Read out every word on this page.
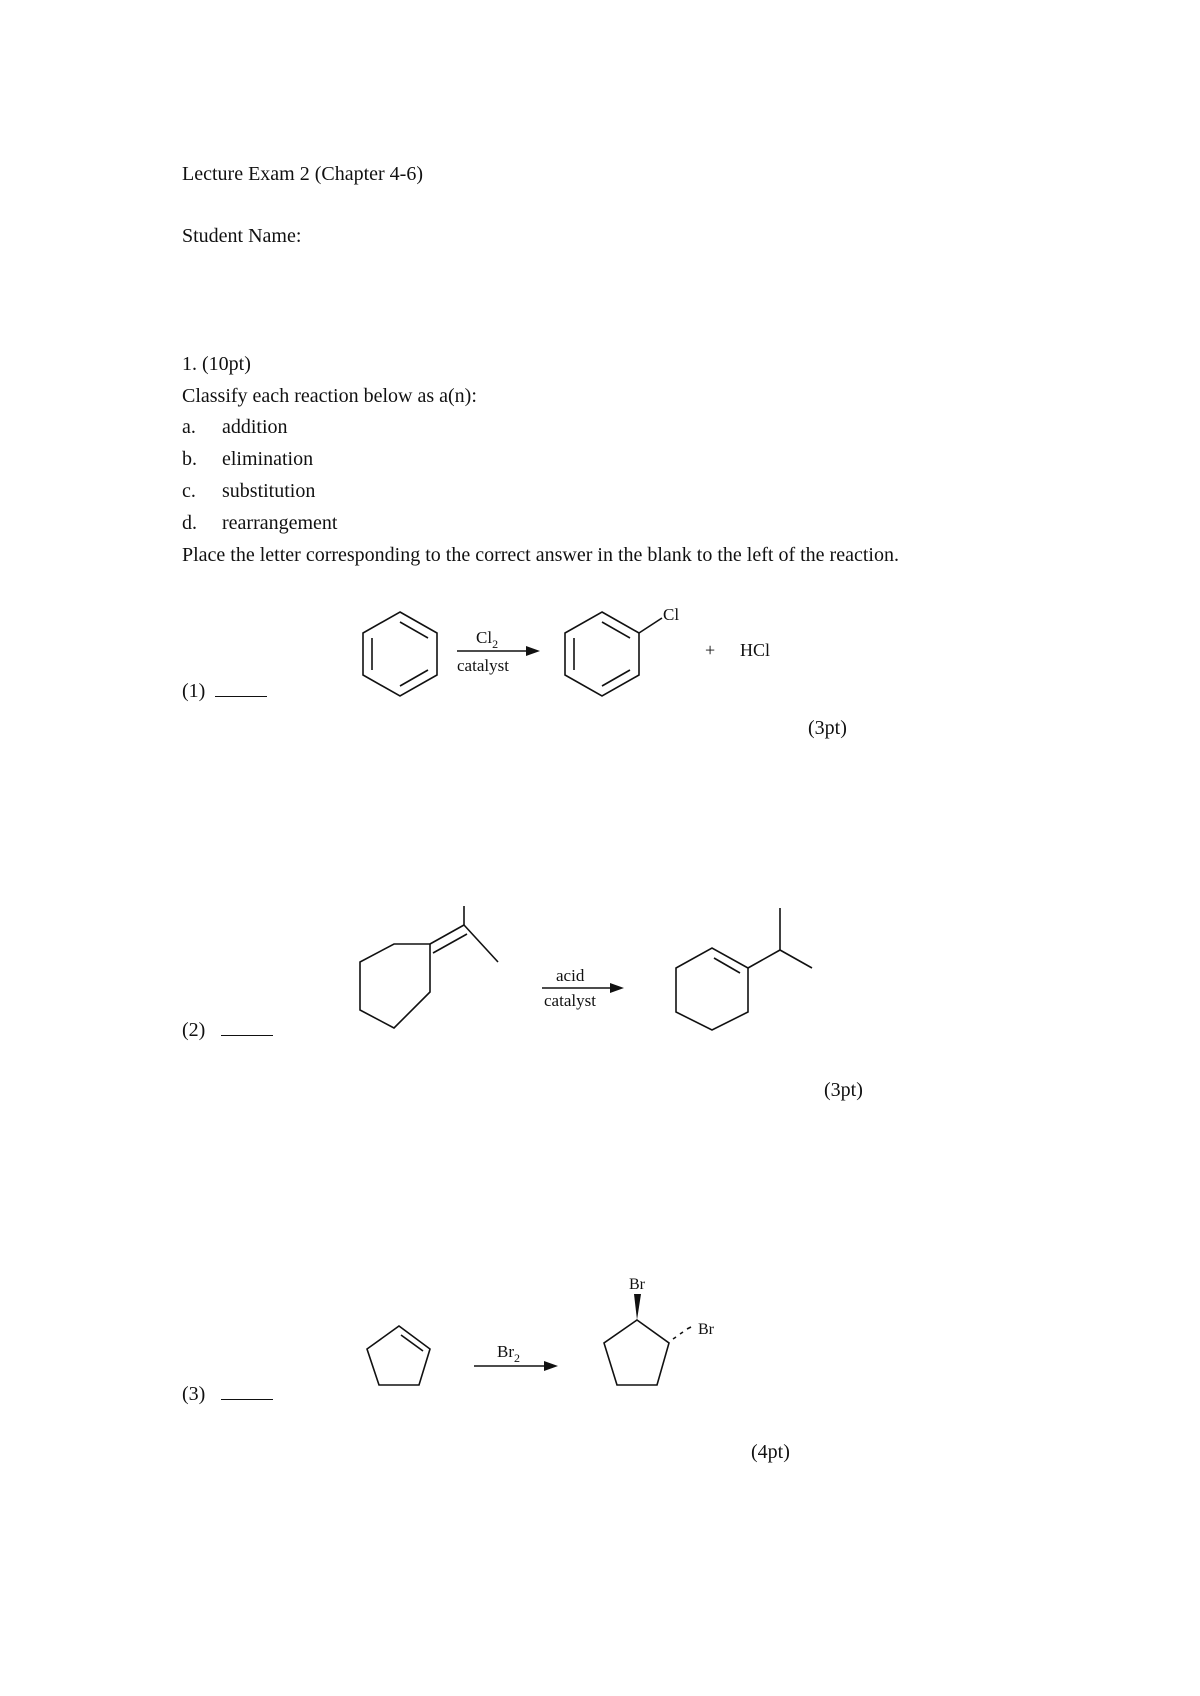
Lecture Exam 2 (Chapter 4-6)
Student Name:
1. (10pt)
Classify each reaction below as a(n):
a. addition
b. elimination
c. substitution
d. rearrangement
Place the letter corresponding to the correct answer in the blank to the left of the reaction.
(1)
(3pt)
(2)
(3pt)
(3)
(4pt)
$Cl_2$
catalyst
Cl
+ HCl
acid
catalyst
$Br_2$
Br
Br
